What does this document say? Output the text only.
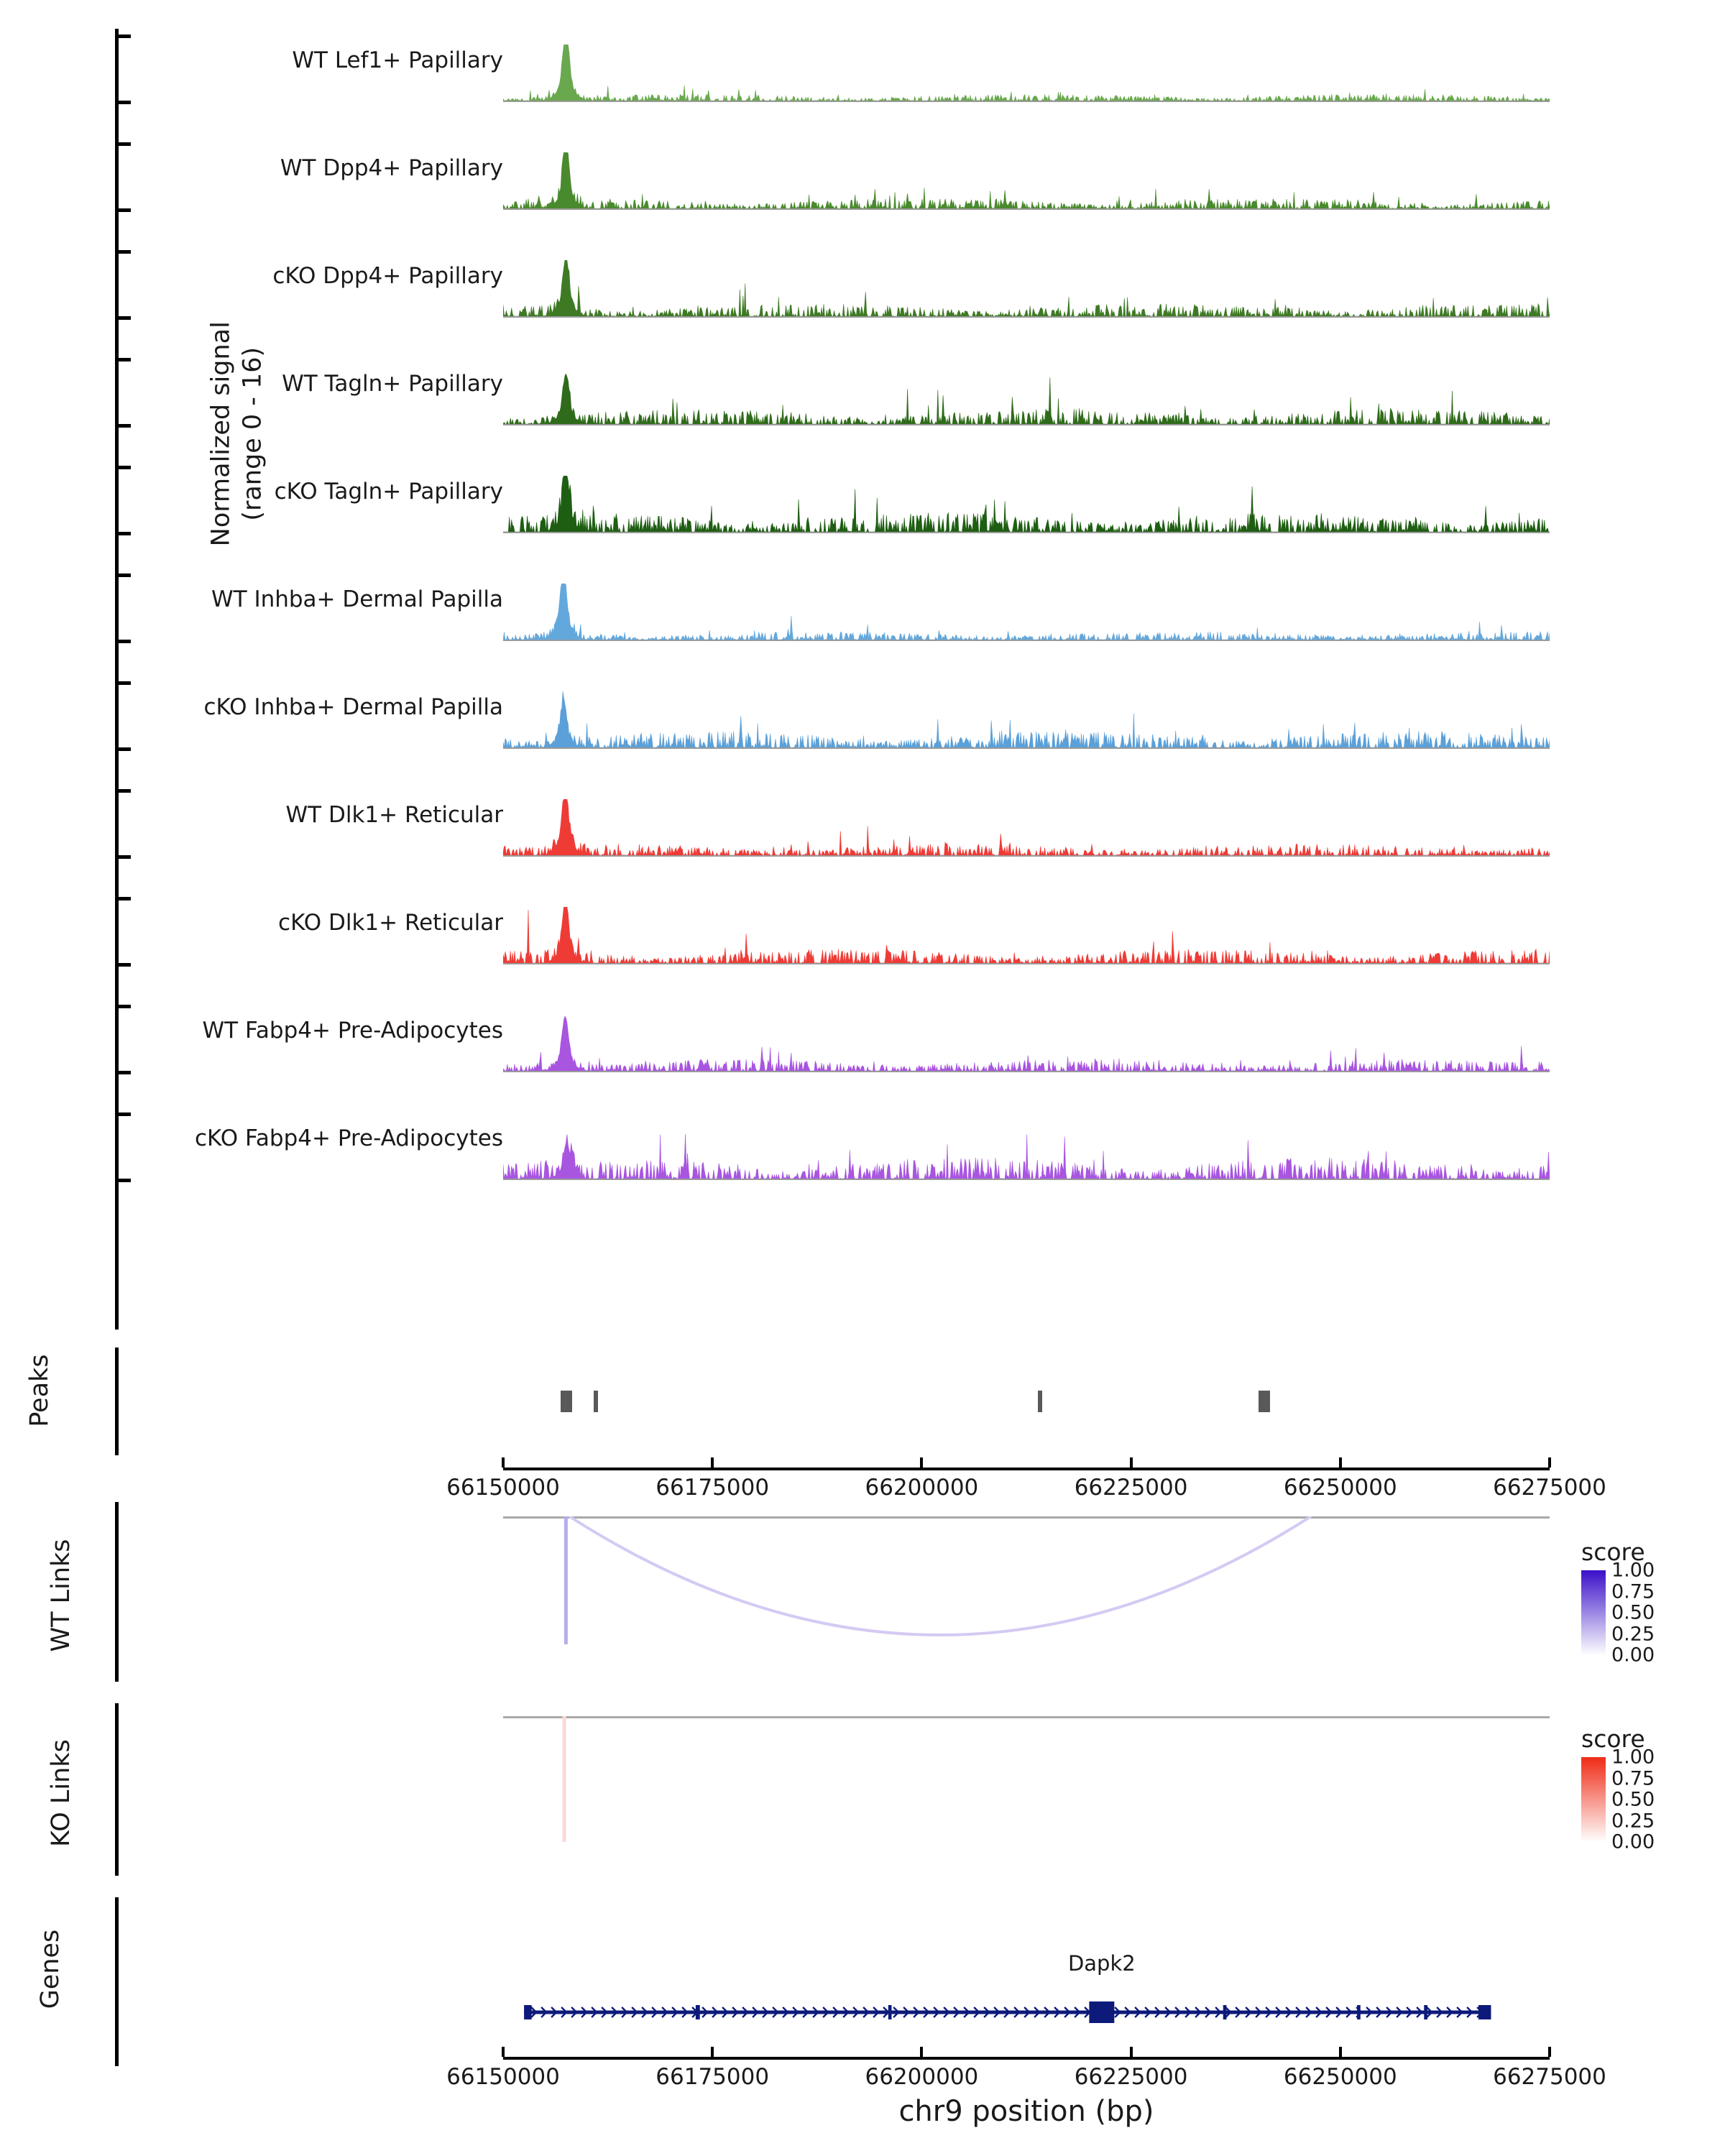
Normalized signal (range 0 - 16)
WT Lef1+ Papillary
WT Dpp4+ Papillary
cKO Dpp4+ Papillary
WT Tagln+ Papillary
cKO Tagln+ Papillary
WT Inhba+ Dermal Papilla
cKO Inhba+ Dermal Papilla
WT Dlk1+ Reticular
cKO Dlk1+ Reticular
WT Fabp4+ Pre-Adipocytes
cKO Fabp4+ Pre-Adipocytes
Peaks
WT Links
KO Links
score
1.00
0.75
0.50
0.25
0.00
score
1.00
0.75
0.50
0.25
0.00
Genes	Dapk2
chr9 position (bp)
66150000	66175000	66200000	66225000	66250000	66275000
66150000	66175000	66200000	66225000	66250000	66275000
